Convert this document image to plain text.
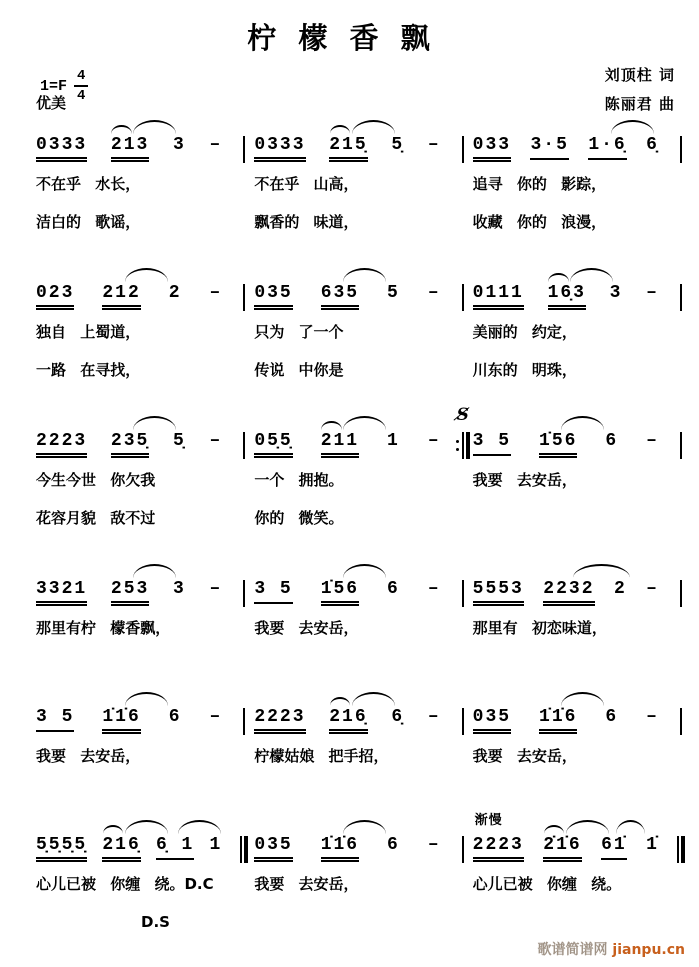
柠 檬 香 飘
$1=F \frac{4}{4}$	刘顶柱 词
陈丽君 曲
优美
0333 213 3 – 0333 215̣ 5̣ – 033 3·5 1·6̣ 6̣
不在乎 水长，	不在乎 山高，	追寻 你的 影踪，
洁白的 歌谣，	飘香的 味道，	收藏 你的 浪漫，
023 212 2 – 035 635 5 – 0111 16̣3 3 –
独自 上蜀道，	只为 了一个	美丽的 约定，
一路 在寻找，	传说 中你是	川东的 明珠，
2223 235̣ 5̣ – 05̣5̣ 211 1 –
S̸
3 5 1̇56 6 –
今生今世 你欠我	一个 拥抱。	我要 去安岳，
花容月貌 敌不过	你的 微笑。
3321 253 3 – 3 5 1̇56 6 – 5553 2232 2 –
那里有柠 檬香飘，	我要 去安岳，	那里有 初恋味道，
3 5 1̇1̇6 6 – 2223 216̣ 6̣ – 035 1̇1̇6 6 –
我要 去安岳，	柠檬姑娘 把手招，	我要 去安岳，
5̣5̣5̣5̣ 216̣ 6̣ 1 1 035 1̇1̇6 6 –
渐慢
2223 2̇1̇6 61̇ 1̇
心儿已被 你缠 绕。D.C	我要 去安岳，	心儿已被 你缠 绕。
　　　　　　　D.S
歌谱简谱网 jianpu.cn
